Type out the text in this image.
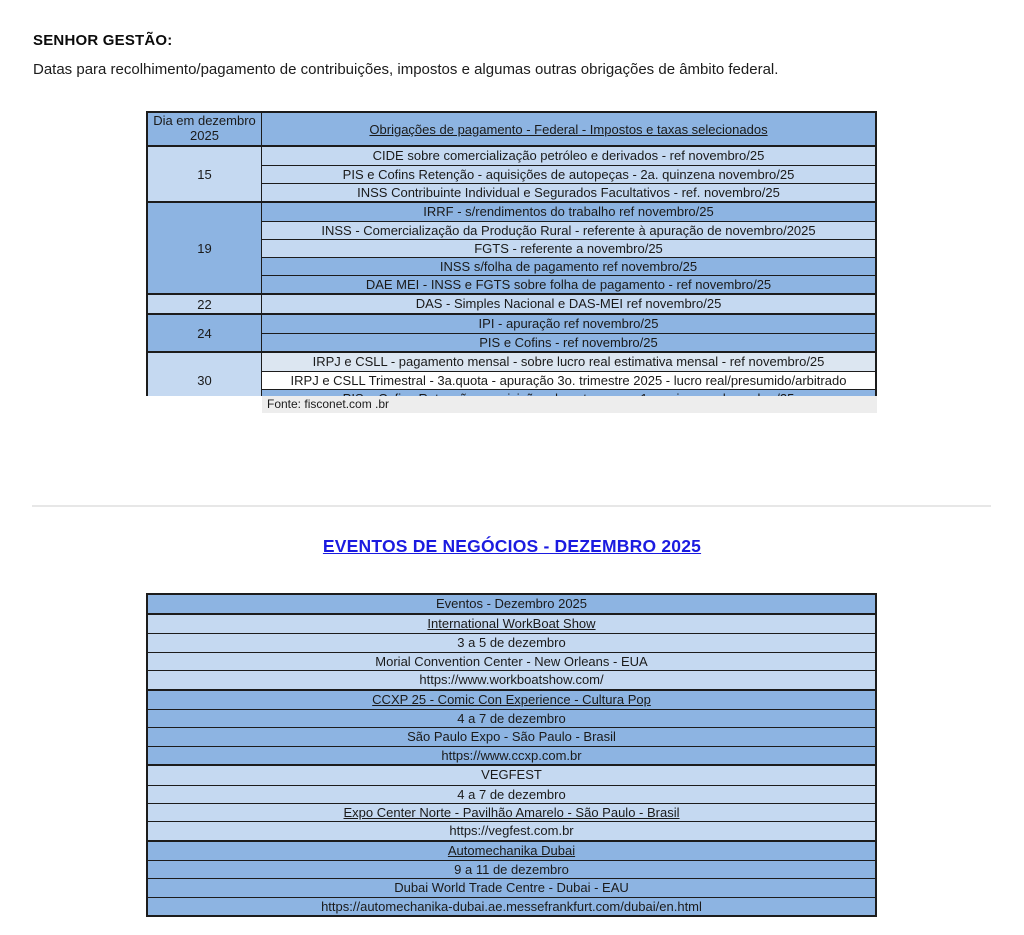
SENHOR GESTÃO:
Datas para recolhimento/pagamento de contribuições, impostos e algumas outras obrigações de âmbito federal.
Dia em dezembro 2025	Obrigações de pagamento - Federal - Impostos e taxas selecionados
15
CIDE sobre comercialização petróleo e derivados - ref novembro/25
PIS e Cofins Retenção - aquisições de autopeças - 2a. quinzena novembro/25
INSS Contribuinte Individual e Segurados Facultativos - ref. novembro/25
19
IRRF - s/rendimentos do trabalho ref novembro/25
INSS - Comercialização da Produção Rural - referente à apuração de novembro/2025
FGTS - referente a novembro/25
INSS s/folha de pagamento ref novembro/25
DAE MEI - INSS e FGTS sobre folha de pagamento - ref novembro/25
22	DAS - Simples Nacional e DAS-MEI ref novembro/25
24
IPI - apuração ref novembro/25
PIS e Cofins - ref novembro/25
30
IRPJ e CSLL - pagamento mensal - sobre lucro real estimativa mensal - ref novembro/25
IRPJ e CSLL Trimestral - 3a.quota - apuração 3o. trimestre 2025 - lucro real/presumido/arbitrado
Fonte: fisconet.com .br
EVENTOS DE NEGÓCIOS - DEZEMBRO 2025
Eventos - Dezembro 2025
International WorkBoat Show
3 a 5 de dezembro
Morial Convention Center - New Orleans - EUA
https://www.workboatshow.com/
CCXP 25 - Comic Con Experience - Cultura Pop
4 a 7 de dezembro
São Paulo Expo - São Paulo - Brasil
https://www.ccxp.com.br
VEGFEST
4 a 7 de dezembro
Expo Center Norte - Pavilhão Amarelo - São Paulo - Brasil
https://vegfest.com.br
Automechanika Dubai
9 a 11 de dezembro
Dubai World Trade Centre - Dubai - EAU
https://automechanika-dubai.ae.messefrankfurt.com/dubai/en.html
